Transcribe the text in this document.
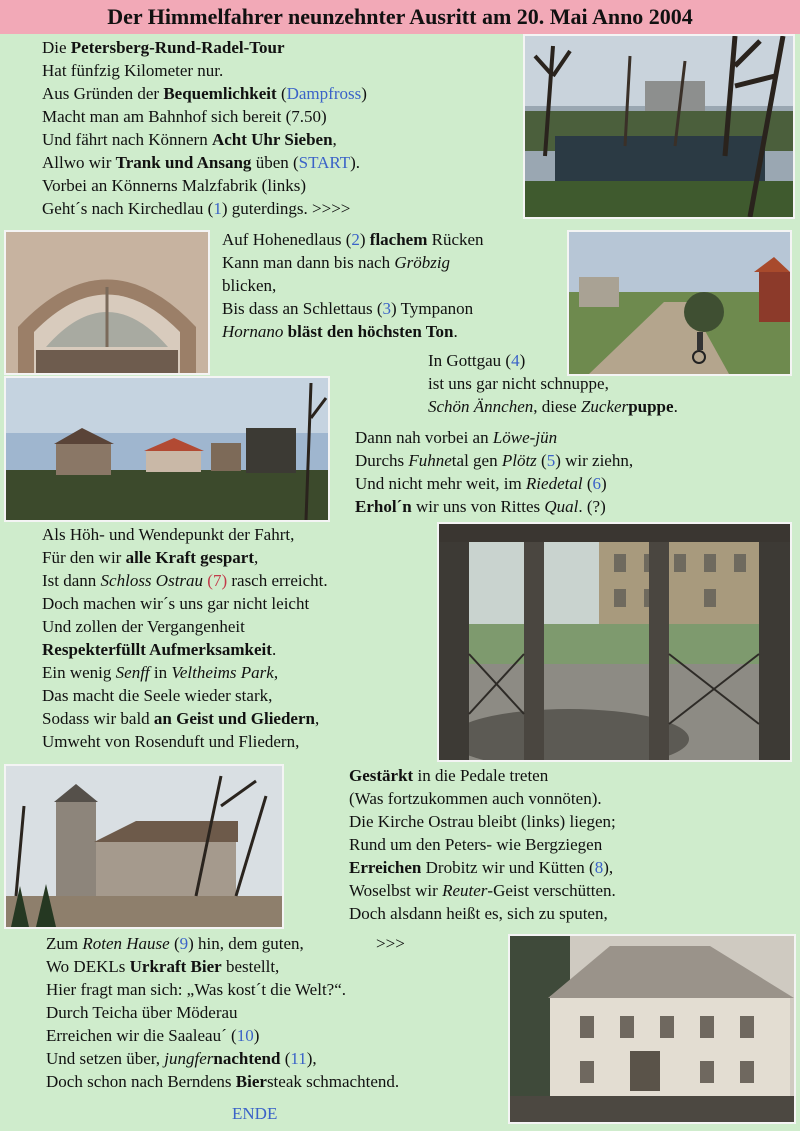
Der Himmelfahrer neunzehnter Ausritt am 20. Mai Anno 2004
Die Petersberg-Rund-Radel-Tour
Hat fünfzig Kilometer nur.
Aus Gründen der Bequemlichkeit (Dampfross)
Macht man am Bahnhof sich bereit (7.50)
Und fährt nach Könnern Acht Uhr Sieben,
Allwo wir Trank und Ansang üben (START).
Vorbei an Könnerns Malzfabrik (links)
Geht´s nach Kirchedlau (1) guterdings. >>>>
Auf Hohenedlaus (2) flachem Rücken
Kann man dann bis nach Gröbzig
blicken,
Bis dass an Schlettaus (3) Tympanon
Hornano bläst den höchsten Ton.
In Gottgau (4)
ist uns gar nicht schnuppe,
Schön Ännchen, diese Zuckerpuppe.
Dann nah vorbei an Löwe-jün
Durchs Fuhnetal gen Plötz (5) wir ziehn,
Und nicht mehr weit, im Riedetal (6)
Erhol´n wir uns von Rittes Qual. (?)
Als Höh- und Wendepunkt der Fahrt,
Für den wir alle Kraft gespart,
Ist dann Schloss Ostrau (7) rasch erreicht.
Doch machen wir´s uns gar nicht leicht
Und zollen der Vergangenheit
Respekterfüllt Aufmerksamkeit.
Ein wenig Senff in Veltheims Park,
Das macht die Seele wieder stark,
Sodass wir bald an Geist und Gliedern,
Umweht von Rosenduft und Fliedern,
Gestärkt in die Pedale treten
(Was fortzukommen auch vonnöten).
Die Kirche Ostrau bleibt (links) liegen;
Rund um den Peters- wie Bergziegen
Erreichen Drobitz wir und Kütten (8),
Woselbst wir Reuter-Geist verschütten.
Doch alsdann heißt es, sich zu sputen,
Zum Roten Hause (9) hin, dem guten,                 >>>
Wo DEKLs Urkraft Bier bestellt,
Hier fragt man sich: „Was kost´t die Welt?“.
Durch Teicha über Möderau
Erreichen wir die Saaleau´ (10)
Und setzen über, jungfernachtend (11),
Doch schon nach Berndens Biersteak schmachtend.
ENDE
